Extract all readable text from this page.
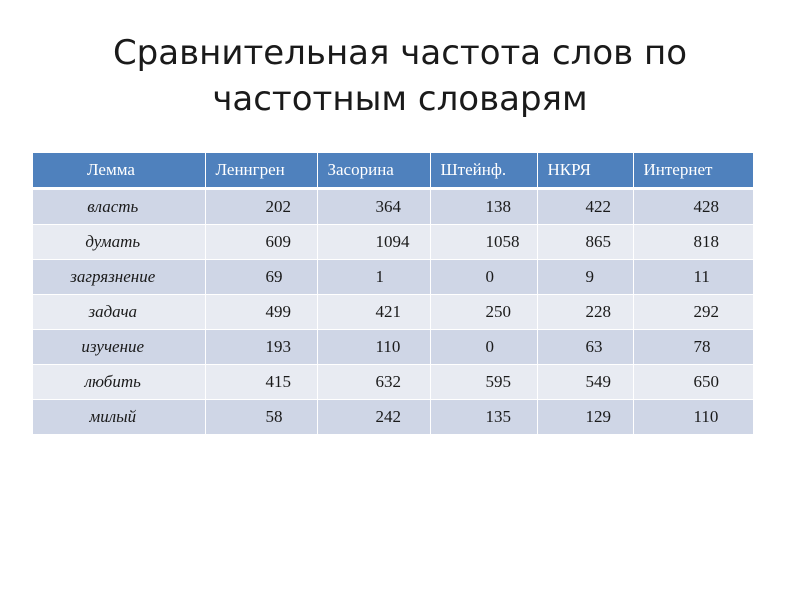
Сравнительная частота слов по
частотным словарям
Лемма	Леннгрен	Засорина	Штейнф.	НКРЯ	Интернет
власть	202	364	138	422	428
думать	609	1094	1058	865	818
загрязнение	69	1	0	9	11
задача	499	421	250	228	292
изучение	193	110	0	63	78
любить	415	632	595	549	650
милый	58	242	135	129	110
